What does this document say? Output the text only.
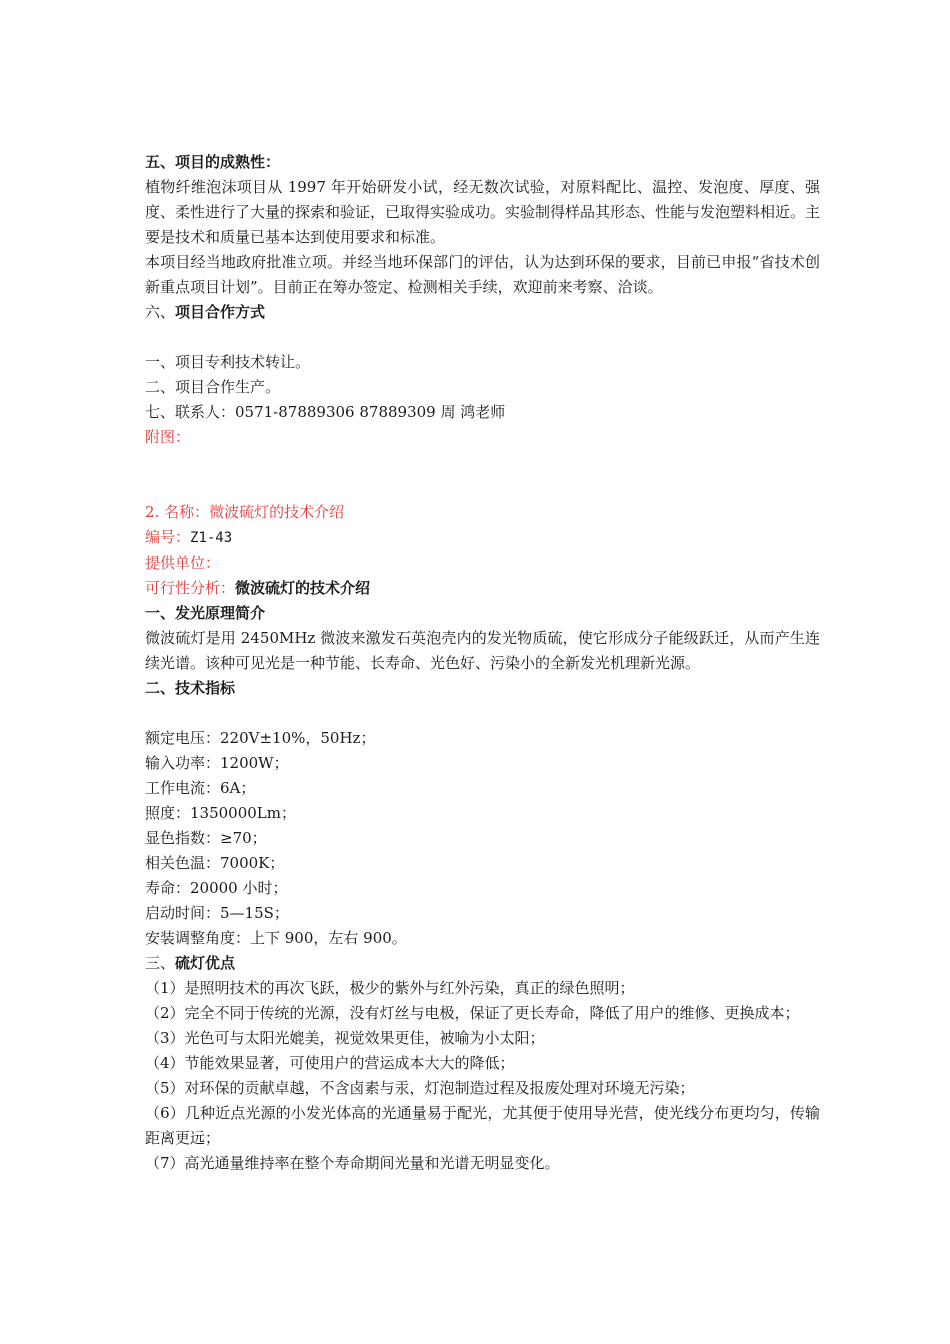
五、项目的成熟性：
植物纤维泡沫项目从 1997 年开始研发小试，经无数次试验，对原料配比、温控、发泡度、厚度、强度、柔性进行了大量的探索和验证，已取得实验成功。实验制得样品其形态、性能与发泡塑料相近。主要是技术和质量已基本达到使用要求和标准。
本项目经当地政府批准立项。并经当地环保部门的评估，认为达到环保的要求，目前已申报“省技术创新重点项目计划”。目前正在筹办签定、检测相关手续，欢迎前来考察、洽谈。
六、项目合作方式
一、项目专利技术转让。
二、项目合作生产。
七、联系人：0571-87889306 87889309 周 鸿老师
附图：
2. 名称：微波硫灯的技术介绍
编号：Z1-43
提供单位：
可行性分析：微波硫灯的技术介绍
一、发光原理简介
微波硫灯是用 2450MHz 微波来激发石英泡壳内的发光物质硫，使它形成分子能级跃迁，从而产生连续光谱。该种可见光是一种节能、长寿命、光色好、污染小的全新发光机理新光源。
二、技术指标
额定电压：220V±10%，50Hz；
输入功率：1200W；
工作电流：6A；
照度：1350000Lm；
显色指数：≥70；
相关色温：7000K；
寿命：20000 小时；
启动时间：5—15S；
安装调整角度：上下 900，左右 900。
三、硫灯优点
（1）是照明技术的再次飞跃，极少的紫外与红外污染，真正的绿色照明；
（2）完全不同于传统的光源，没有灯丝与电极，保证了更长寿命，降低了用户的维修、更换成本；
（3）光色可与太阳光媲美，视觉效果更佳，被喻为小太阳；
（4）节能效果显著，可使用户的营运成本大大的降低；
（5）对环保的贡献卓越，不含卤素与汞，灯泡制造过程及报废处理对环境无污染；
（6）几种近点光源的小发光体高的光通量易于配光，尤其便于使用导光营，使光线分布更均匀，传输距离更远；
（7）高光通量维持率在整个寿命期间光量和光谱无明显变化。
